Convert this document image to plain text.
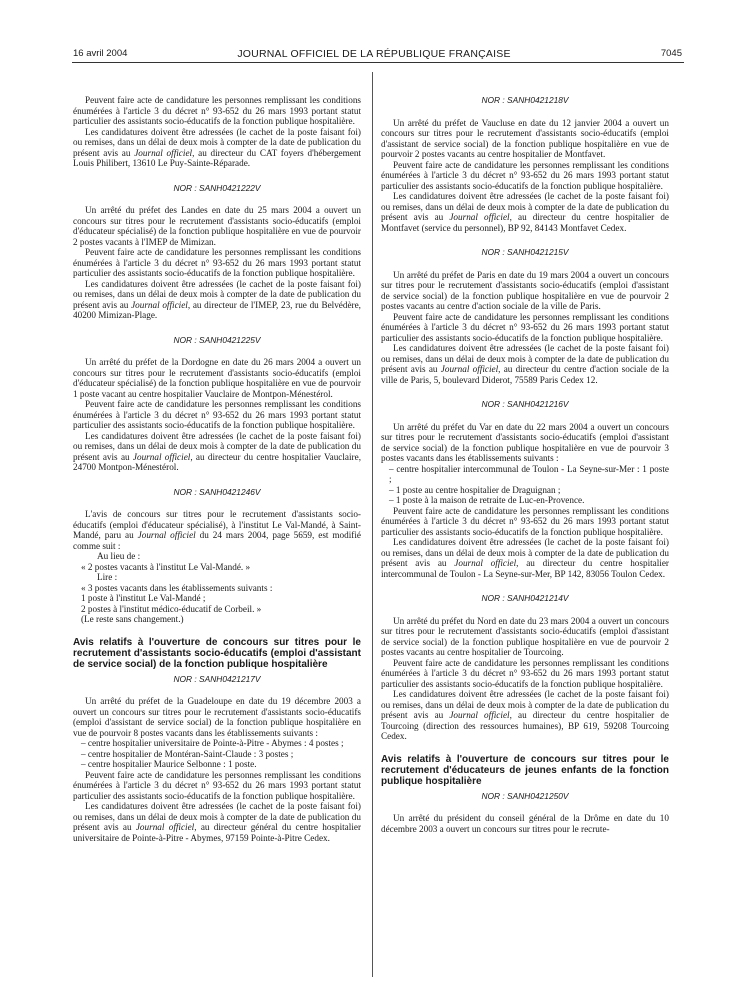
16 avril 2004	JOURNAL OFFICIEL DE LA RÉPUBLIQUE FRANÇAISE	7045

Peuvent faire acte de candidature les personnes remplissant les conditions énumérées à l'article 3 du décret n° 93-652 du 26 mars 1993 portant statut particulier des assistants socio-éducatifs de la fonction publique hospitalière.

Les candidatures doivent être adressées (le cachet de la poste faisant foi) ou remises, dans un délai de deux mois à compter de la date de publication du présent avis au Journal officiel, au directeur du CAT foyers d'hébergement Louis Philibert, 13610 Le Puy-Sainte-Réparade.

NOR : SANH0421222V

Un arrêté du préfet des Landes en date du 25 mars 2004 a ouvert un concours sur titres pour le recrutement d'assistants socio-éducatifs (emploi d'éducateur spécialisé) de la fonction publique hospitalière en vue de pourvoir 2 postes vacants à l'IMEP de Mimizan.

Peuvent faire acte de candidature les personnes remplissant les conditions énumérées à l'article 3 du décret n° 93-652 du 26 mars 1993 portant statut particulier des assistants socio-éducatifs de la fonction publique hospitalière.

Les candidatures doivent être adressées (le cachet de la poste faisant foi) ou remises, dans un délai de deux mois à compter de la date de publication du présent avis au Journal officiel, au directeur de l'IMEP, 23, rue du Belvédère, 40200 Mimizan-Plage.

NOR : SANH0421225V

Un arrêté du préfet de la Dordogne en date du 26 mars 2004 a ouvert un concours sur titres pour le recrutement d'assistants socio-éducatifs (emploi d'éducateur spécialisé) de la fonction publique hospitalière en vue de pourvoir 1 poste vacant au centre hospitalier Vauclaire de Montpon-Ménestérol.

Peuvent faire acte de candidature les personnes remplissant les conditions énumérées à l'article 3 du décret n° 93-652 du 26 mars 1993 portant statut particulier des assistants socio-éducatifs de la fonction publique hospitalière.

Les candidatures doivent être adressées (le cachet de la poste faisant foi) ou remises, dans un délai de deux mois à compter de la date de publication du présent avis au Journal officiel, au directeur du centre hospitalier Vauclaire, 24700 Montpon-Ménestérol.

NOR : SANH0421246V

L'avis de concours sur titres pour le recrutement d'assistants socio-éducatifs (emploi d'éducateur spécialisé), à l'institut Le Val-Mandé, à Saint-Mandé, paru au Journal officiel du 24 mars 2004, page 5659, est modifié comme suit :

Au lieu de :

« 2 postes vacants à l'institut Le Val-Mandé. »

Lire :

« 3 postes vacants dans les établissements suivants :

1 poste à l'institut Le Val-Mandé ;

2 postes à l'institut médico-éducatif de Corbeil. »

(Le reste sans changement.)

Avis relatifs à l'ouverture de concours sur titres pour le recrutement d'assistants socio-éducatifs (emploi d'assistant de service social) de la fonction publique hospitalière
NOR : SANH0421217V

Un arrêté du préfet de la Guadeloupe en date du 19 décembre 2003 a ouvert un concours sur titres pour le recrutement d'assistants socio-éducatifs (emploi d'assistant de service social) de la fonction publique hospitalière en vue de pourvoir 8 postes vacants dans les établissements suivants :

– centre hospitalier universitaire de Pointe-à-Pitre - Abymes : 4 postes ;

– centre hospitalier de Montéran-Saint-Claude : 3 postes ;

– centre hospitalier Maurice Selbonne : 1 poste.

Peuvent faire acte de candidature les personnes remplissant les conditions énumérées à l'article 3 du décret n° 93-652 du 26 mars 1993 portant statut particulier des assistants socio-éducatifs de la fonction publique hospitalière.

Les candidatures doivent être adressées (le cachet de la poste faisant foi) ou remises, dans un délai de deux mois à compter de la date de publication du présent avis au Journal officiel, au directeur général du centre hospitalier universitaire de Pointe-à-Pitre - Abymes, 97159 Pointe-à-Pitre Cedex.

NOR : SANH0421218V

Un arrêté du préfet de Vaucluse en date du 12 janvier 2004 a ouvert un concours sur titres pour le recrutement d'assistants socio-éducatifs (emploi d'assistant de service social) de la fonction publique hospitalière en vue de pourvoir 2 postes vacants au centre hospitalier de Montfavet.

Peuvent faire acte de candidature les personnes remplissant les conditions énumérées à l'article 3 du décret n° 93-652 du 26 mars 1993 portant statut particulier des assistants socio-éducatifs de la fonction publique hospitalière.

Les candidatures doivent être adressées (le cachet de la poste faisant foi) ou remises, dans un délai de deux mois à compter de la date de publication du présent avis au Journal officiel, au directeur du centre hospitalier de Montfavet (service du personnel), BP 92, 84143 Montfavet Cedex.

NOR : SANH0421215V

Un arrêté du préfet de Paris en date du 19 mars 2004 a ouvert un concours sur titres pour le recrutement d'assistants socio-éducatifs (emploi d'assistant de service social) de la fonction publique hospitalière en vue de pourvoir 2 postes vacants au centre d'action sociale de la ville de Paris.

Peuvent faire acte de candidature les personnes remplissant les conditions énumérées à l'article 3 du décret n° 93-652 du 26 mars 1993 portant statut particulier des assistants socio-éducatifs de la fonction publique hospitalière.

Les candidatures doivent être adressées (le cachet de la poste faisant foi) ou remises, dans un délai de deux mois à compter de la date de publication du présent avis au Journal officiel, au directeur du centre d'action sociale de la ville de Paris, 5, boulevard Diderot, 75589 Paris Cedex 12.

NOR : SANH0421216V

Un arrêté du préfet du Var en date du 22 mars 2004 a ouvert un concours sur titres pour le recrutement d'assistants socio-éducatifs (emploi d'assistant de service social) de la fonction publique hospitalière en vue de pourvoir 3 postes vacants dans les établissements suivants :

– centre hospitalier intercommunal de Toulon - La Seyne-sur-Mer : 1 poste ;

– 1 poste au centre hospitalier de Draguignan ;

– 1 poste à la maison de retraite de Luc-en-Provence.

Peuvent faire acte de candidature les personnes remplissant les conditions énumérées à l'article 3 du décret n° 93-652 du 26 mars 1993 portant statut particulier des assistants socio-éducatifs de la fonction publique hospitalière.

Les candidatures doivent être adressées (le cachet de la poste faisant foi) ou remises, dans un délai de deux mois à compter de la date de publication du présent avis au Journal officiel, au directeur du centre hospitalier intercommunal de Toulon - La Seyne-sur-Mer, BP 142, 83056 Toulon Cedex.

NOR : SANH0421214V

Un arrêté du préfet du Nord en date du 23 mars 2004 a ouvert un concours sur titres pour le recrutement d'assistants socio-éducatifs (emploi d'assistant de service social) de la fonction publique hospitalière en vue de pourvoir 2 postes vacants au centre hospitalier de Tourcoing.

Peuvent faire acte de candidature les personnes remplissant les conditions énumérées à l'article 3 du décret n° 93-652 du 26 mars 1993 portant statut particulier des assistants socio-éducatifs de la fonction publique hospitalière.

Les candidatures doivent être adressées (le cachet de la poste faisant foi) ou remises, dans un délai de deux mois à compter de la date de publication du présent avis au Journal officiel, au directeur du centre hospitalier de Tourcoing (direction des ressources humaines), BP 619, 59208 Tourcoing Cedex.

Avis relatifs à l'ouverture de concours sur titres pour le recrutement d'éducateurs de jeunes enfants de la fonction publique hospitalière
NOR : SANH0421250V

Un arrêté du président du conseil général de la Drôme en date du 10 décembre 2003 a ouvert un concours sur titres pour le recrute-
